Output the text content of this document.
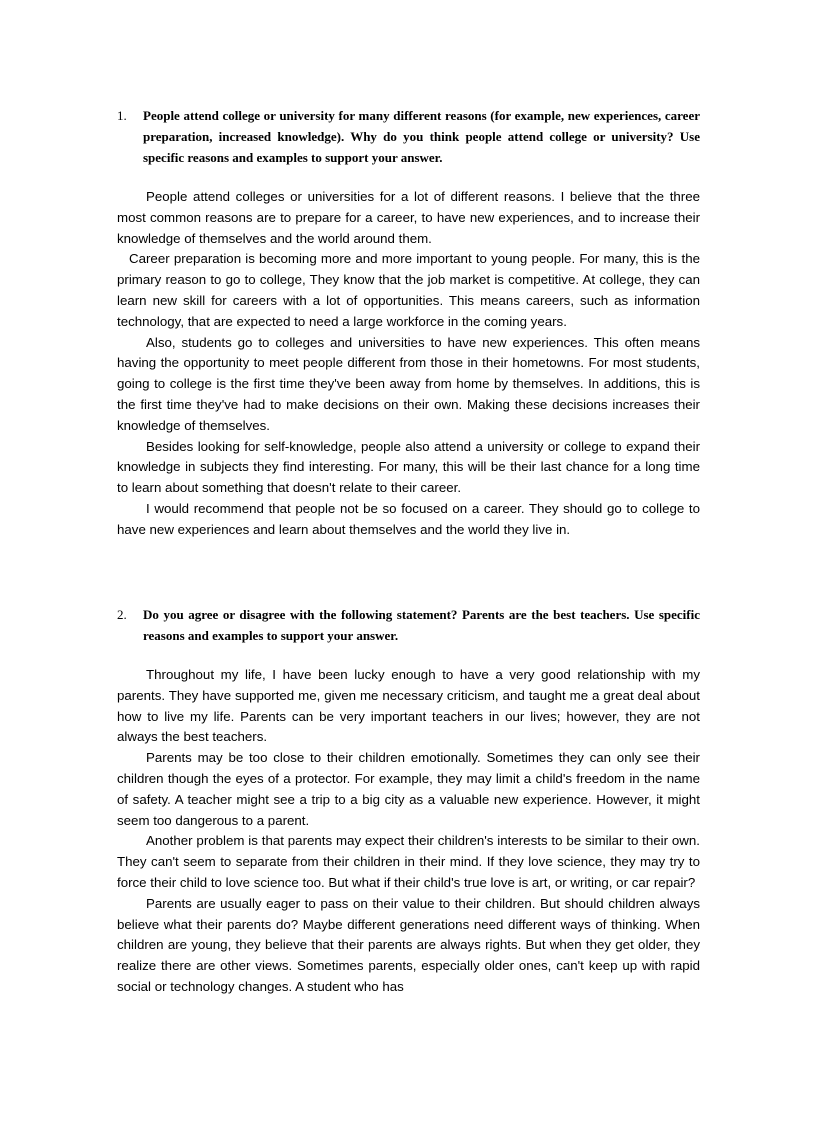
1. People attend college or university for many different reasons (for example, new experiences, career preparation, increased knowledge). Why do you think people attend college or university? Use specific reasons and examples to support your answer.

People attend colleges or universities for a lot of different reasons. I believe that the three most common reasons are to prepare for a career, to have new experiences, and to increase their knowledge of themselves and the world around them.

Career preparation is becoming more and more important to young people. For many, this is the primary reason to go to college, They know that the job market is competitive. At college, they can learn new skill for careers with a lot of opportunities. This means careers, such as information technology, that are expected to need a large workforce in the coming years.

Also, students go to colleges and universities to have new experiences. This often means having the opportunity to meet people different from those in their hometowns. For most students, going to college is the first time they've been away from home by themselves. In additions, this is the first time they've had to make decisions on their own. Making these decisions increases their knowledge of themselves.

Besides looking for self-knowledge, people also attend a university or college to expand their knowledge in subjects they find interesting. For many, this will be their last chance for a long time to learn about something that doesn't relate to their career.

I would recommend that people not be so focused on a career. They should go to college to have new experiences and learn about themselves and the world they live in.

2. Do you agree or disagree with the following statement? Parents are the best teachers. Use specific reasons and examples to support your answer.

Throughout my life, I have been lucky enough to have a very good relationship with my parents. They have supported me, given me necessary criticism, and taught me a great deal about how to live my life. Parents can be very important teachers in our lives; however, they are not always the best teachers.

Parents may be too close to their children emotionally. Sometimes they can only see their children though the eyes of a protector. For example, they may limit a child's freedom in the name of safety. A teacher might see a trip to a big city as a valuable new experience. However, it might seem too dangerous to a parent.

Another problem is that parents may expect their children's interests to be similar to their own. They can't seem to separate from their children in their mind. If they love science, they may try to force their child to love science too. But what if their child's true love is art, or writing, or car repair?

Parents are usually eager to pass on their value to their children. But should children always believe what their parents do? Maybe different generations need different ways of thinking. When children are young, they believe that their parents are always rights. But when they get older, they realize there are other views. Sometimes parents, especially older ones, can't keep up with rapid social or technology changes. A student who has
